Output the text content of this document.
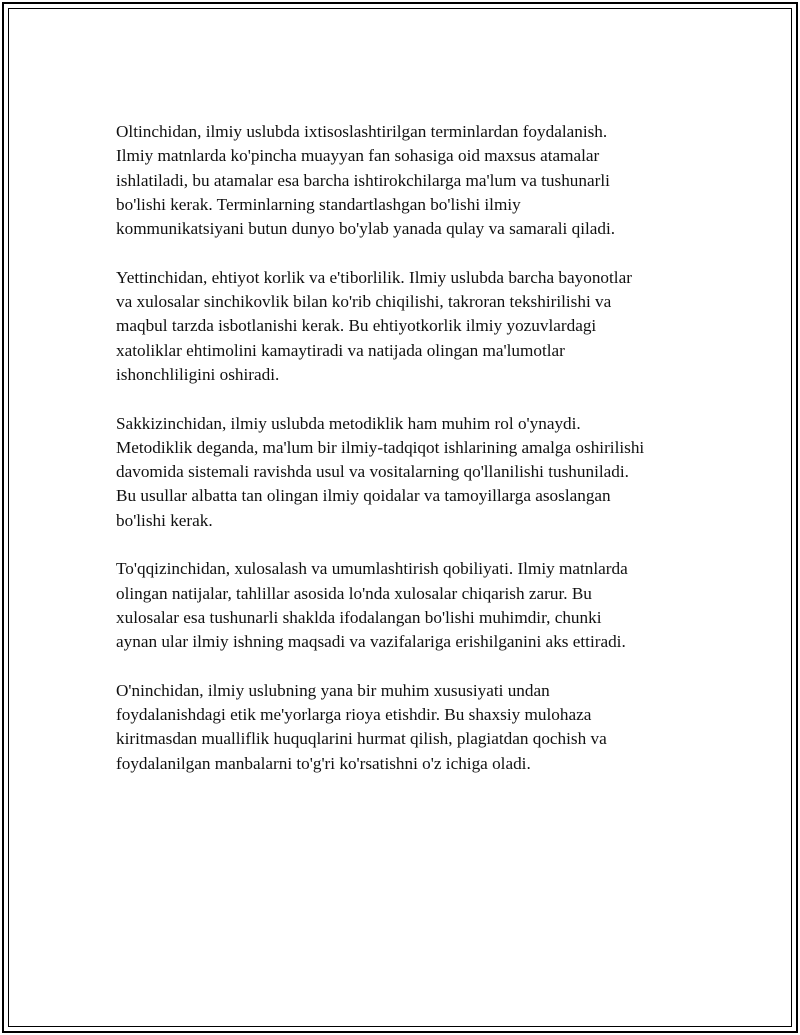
Oltinchidan, ilmiy uslubda ixtisoslashtirilgan terminlardan foydalanish.
Ilmiy matnlarda ko'pincha muayyan fan sohasiga oid maxsus atamalar
ishlatiladi, bu atamalar esa barcha ishtirokchilarga ma'lum va tushunarli
bo'lishi kerak. Terminlarning standartlashgan bo'lishi ilmiy
kommunikatsiyani butun dunyo bo'ylab yanada qulay va samarali qiladi.

Yettinchidan, ehtiyot korlik va e'tiborlilik. Ilmiy uslubda barcha bayonotlar
va xulosalar sinchikovlik bilan ko'rib chiqilishi, takroran tekshirilishi va
maqbul tarzda isbotlanishi kerak. Bu ehtiyotkorlik ilmiy yozuvlardagi
xatoliklar ehtimolini kamaytiradi va natijada olingan ma'lumotlar
ishonchliligini oshiradi.

Sakkizinchidan, ilmiy uslubda metodiklik ham muhim rol o'ynaydi.
Metodiklik deganda, ma'lum bir ilmiy-tadqiqot ishlarining amalga oshirilishi
davomida sistemali ravishda usul va vositalarning qo'llanilishi tushuniladi.
Bu usullar albatta tan olingan ilmiy qoidalar va tamoyillarga asoslangan
bo'lishi kerak.

To'qqizinchidan, xulosalash va umumlashtirish qobiliyati. Ilmiy matnlarda
olingan natijalar, tahlillar asosida lo'nda xulosalar chiqarish zarur. Bu
xulosalar esa tushunarli shaklda ifodalangan bo'lishi muhimdir, chunki
aynan ular ilmiy ishning maqsadi va vazifalariga erishilganini aks ettiradi.

O'ninchidan, ilmiy uslubning yana bir muhim xususiyati undan
foydalanishdagi etik me'yorlarga rioya etishdir. Bu shaxsiy mulohaza
kiritmasdan mualliflik huquqlarini hurmat qilish, plagiatdan qochish va
foydalanilgan manbalarni to'g'ri ko'rsatishni o'z ichiga oladi.
